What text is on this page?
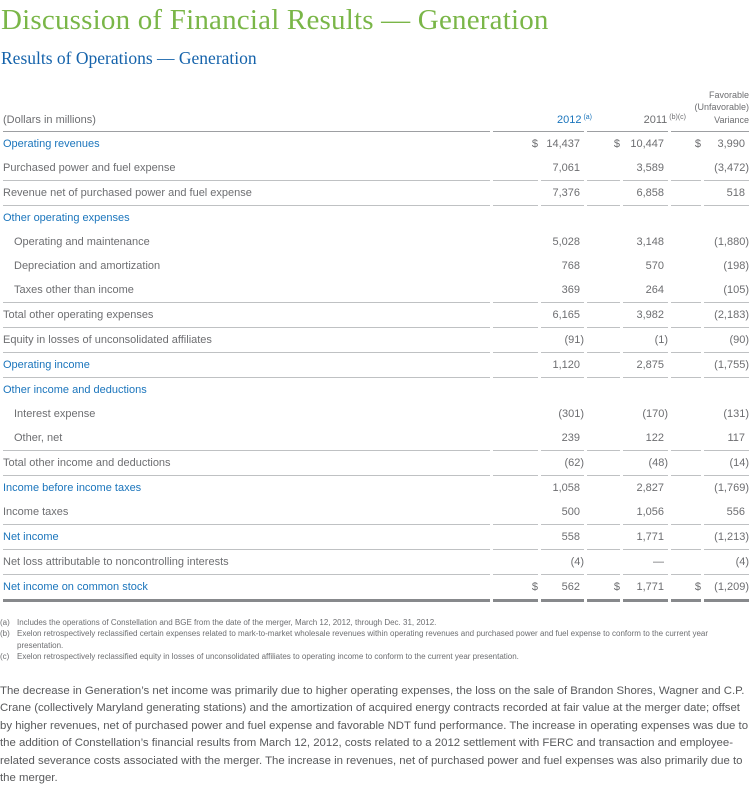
Discussion of Financial Results — Generation
Results of Operations — Generation
(Dollars in millions)	2012 $^{(a)}$		2011 $^{(b)(c)}$		Favorable
(Unfavorable)
Variance	

Operating revenues	$	14,437	$	10,447	$	3,990
Purchased power and fuel expense		7,061		3,589		(3,472)
Revenue net of purchased power and fuel expense		7,376		6,858		518
Other operating expenses						
Operating and maintenance		5,028		3,148		(1,880)
Depreciation and amortization		768		570		(198)
Taxes other than income		369		264		(105)
Total other operating expenses		6,165		3,982		(2,183)
Equity in losses of unconsolidated affiliates		(91)		(1)		(90)
Operating income		1,120		2,875		(1,755)
Other income and deductions						
Interest expense		(301)		(170)		(131)
Other, net		239		122		117
Total other income and deductions		(62)		(48)		(14)
Income before income taxes		1,058		2,827		(1,769)
Income taxes		500		1,056		556
Net income		558		1,771		(1,213)
Net loss attributable to noncontrolling interests		(4)		—		(4)
Net income on common stock	$	562	$	1,771	$	(1,209)
(a) Includes the operations of Constellation and BGE from the date of the merger, March 12, 2012, through Dec. 31, 2012.
(b) Exelon retrospectively reclassified certain expenses related to mark-to-market wholesale revenues within operating revenues and purchased power and fuel expense to conform to the current year presentation.
(c) Exelon retrospectively reclassified equity in losses of unconsolidated affiliates to operating income to conform to the current year presentation.

The decrease in Generation’s net income was primarily due to higher operating expenses, the loss on the sale of Brandon Shores, Wagner and C.P. Crane (collectively Maryland generating stations) and the amortization of acquired energy contracts recorded at fair value at the merger date; offset by higher revenues, net of purchased power and fuel expense and favorable NDT fund performance. The increase in operating expenses was due to the addition of Constellation’s financial results from March 12, 2012, costs related to a 2012 settlement with FERC and transaction and employee-related severance costs associated with the merger. The increase in revenues, net of purchased power and fuel expenses was also primarily due to the merger.
